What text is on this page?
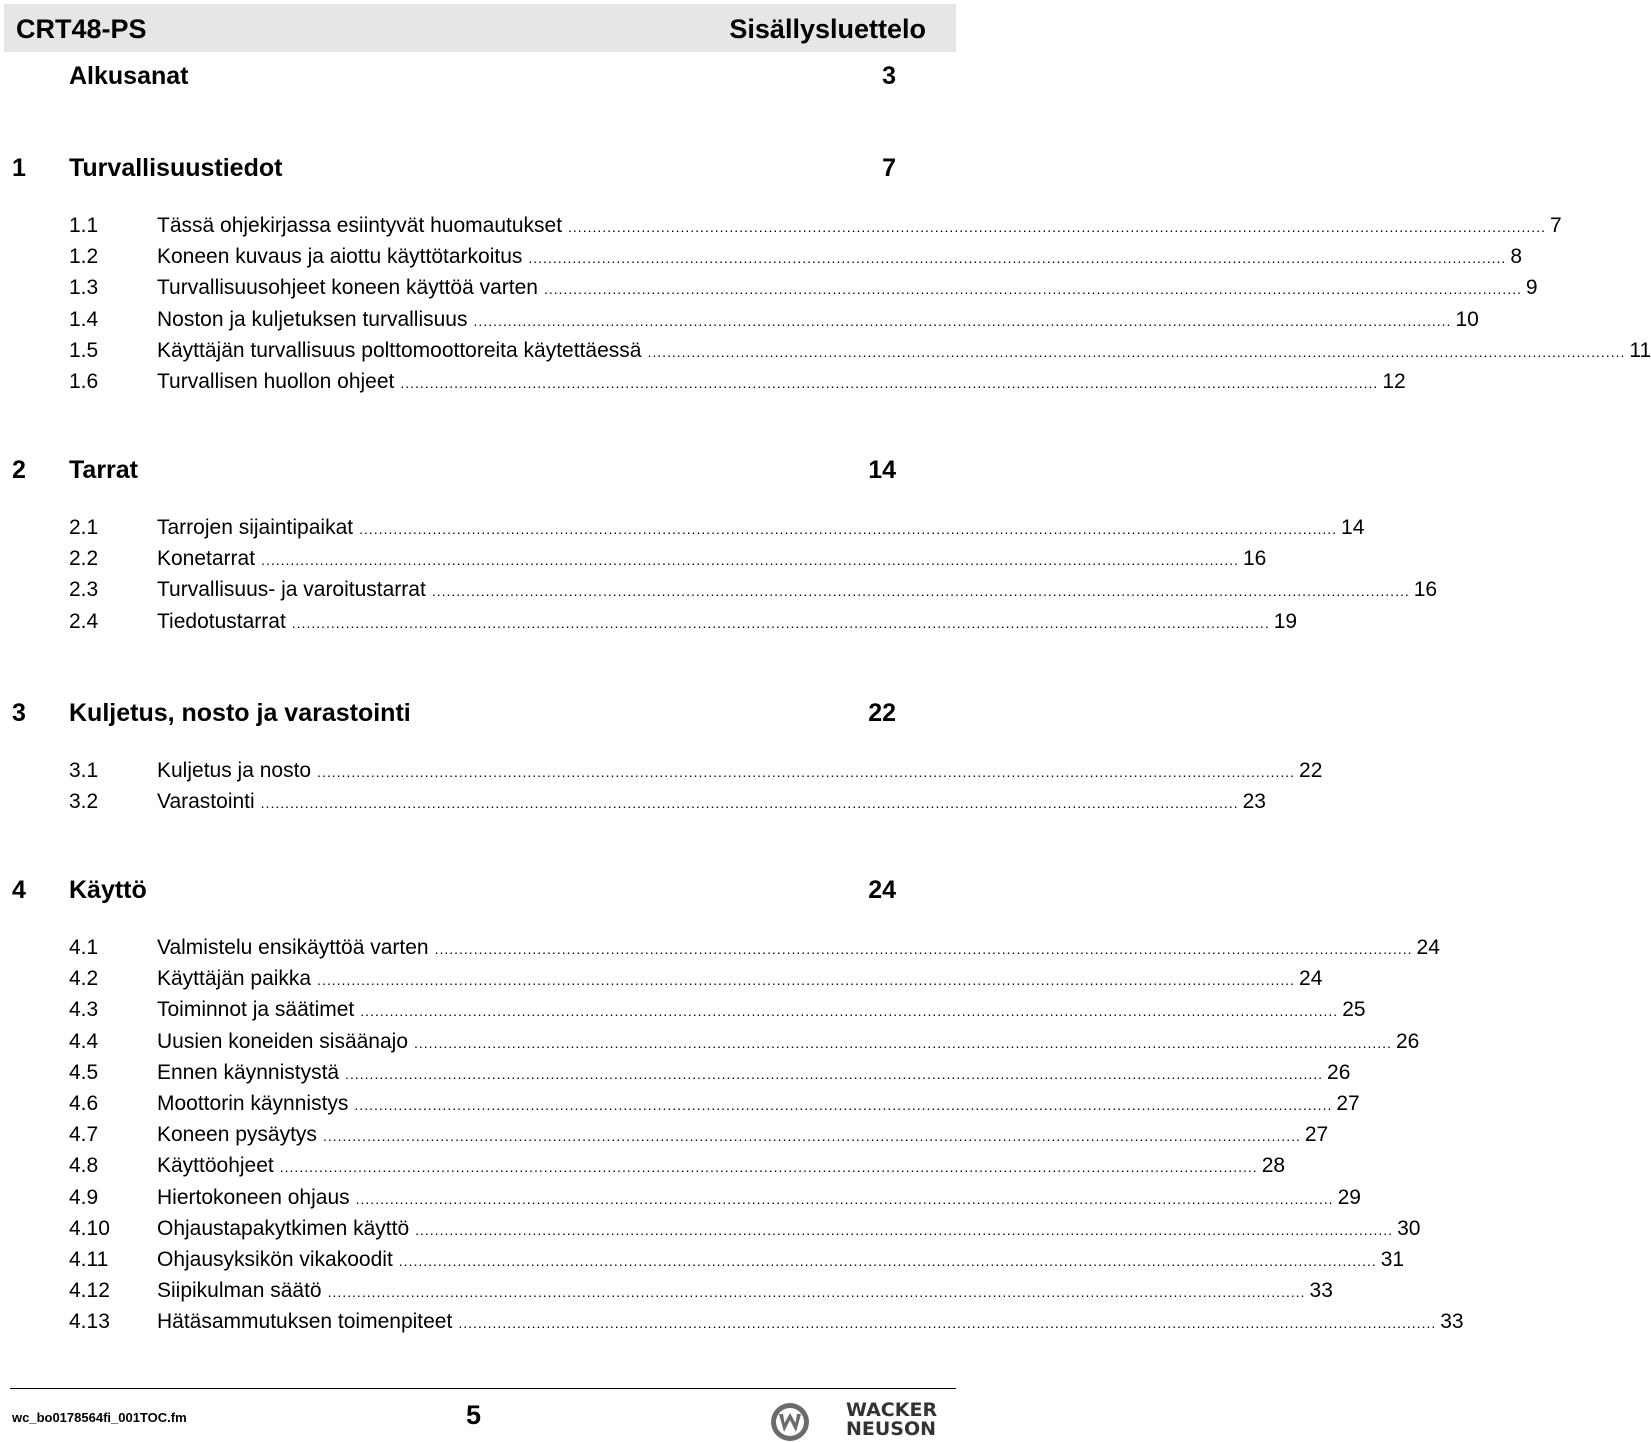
CRT48-PS	Sisällysluettelo
Alkusanat	3
1 Turvallisuustiedot	7
1.1	Tässä ohjekirjassa esiintyvät huomautukset ........................................................................................................................................................................................................ 7
1.2	Koneen kuvaus ja aiottu käyttötarkoitus ........................................................................................................................................................................................................ 8
1.3	Turvallisuusohjeet koneen käyttöä varten ........................................................................................................................................................................................................ 9
1.4	Noston ja kuljetuksen turvallisuus ........................................................................................................................................................................................................ 10
1.5	Käyttäjän turvallisuus polttomoottoreita käytettäessä ........................................................................................................................................................................................................ 11
1.6	Turvallisen huollon ohjeet ........................................................................................................................................................................................................ 12
2 Tarrat	14
2.1	Tarrojen sijaintipaikat ........................................................................................................................................................................................................ 14
2.2	Konetarrat ........................................................................................................................................................................................................ 16
2.3	Turvallisuus- ja varoitustarrat ........................................................................................................................................................................................................ 16
2.4	Tiedotustarrat ........................................................................................................................................................................................................ 19
3 Kuljetus, nosto ja varastointi	22
3.1	Kuljetus ja nosto ........................................................................................................................................................................................................ 22
3.2	Varastointi ........................................................................................................................................................................................................ 23
4 Käyttö	24
4.1	Valmistelu ensikäyttöä varten ........................................................................................................................................................................................................ 24
4.2	Käyttäjän paikka ........................................................................................................................................................................................................ 24
4.3	Toiminnot ja säätimet ........................................................................................................................................................................................................ 25
4.4	Uusien koneiden sisäänajo ........................................................................................................................................................................................................ 26
4.5	Ennen käynnistystä ........................................................................................................................................................................................................ 26
4.6	Moottorin käynnistys ........................................................................................................................................................................................................ 27
4.7	Koneen pysäytys ........................................................................................................................................................................................................ 27
4.8	Käyttöohjeet ........................................................................................................................................................................................................ 28
4.9	Hiertokoneen ohjaus ........................................................................................................................................................................................................ 29
4.10 Ohjaustapakytkimen käyttö ........................................................................................................................................................................................................ 30
4.11 Ohjausyksikön vikakoodit ........................................................................................................................................................................................................ 31
4.12 Siipikulman säätö ........................................................................................................................................................................................................ 33
4.13 Hätäsammutuksen toimenpiteet ........................................................................................................................................................................................................ 33
wc_bo0178564fi_001TOC.fm	5	WACKER
NEUSON
